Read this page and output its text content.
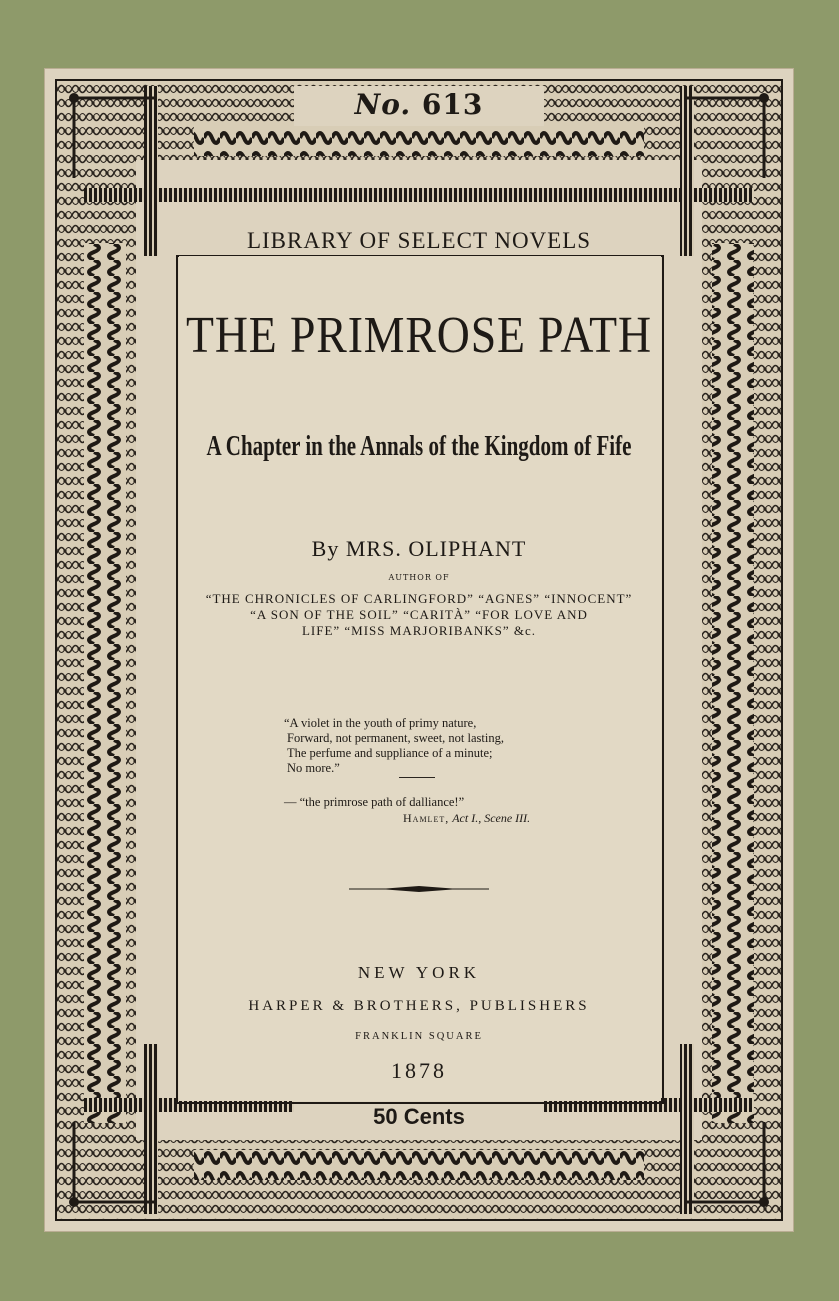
No. 613
LIBRARY OF SELECT NOVELS
THE PRIMROSE PATH
A Chapter in the Annals of the Kingdom of Fife
By MRS. OLIPHANT
AUTHOR OF
“THE CHRONICLES OF CARLINGFORD” “AGNES” “INNOCENT”
“A SON OF THE SOIL” “CARITÀ” “FOR LOVE AND
LIFE” “MISS MARJORIBANKS” &c.
“A violet in the youth of primy nature,
Forward, not permanent, sweet, not lasting,
The perfume and suppliance of a minute;
No more.”
— “the primrose path of dalliance!”
Hamlet, Act I., Scene III.
NEW YORK
HARPER & BROTHERS, PUBLISHERS
FRANKLIN SQUARE
1878
50 Cents
